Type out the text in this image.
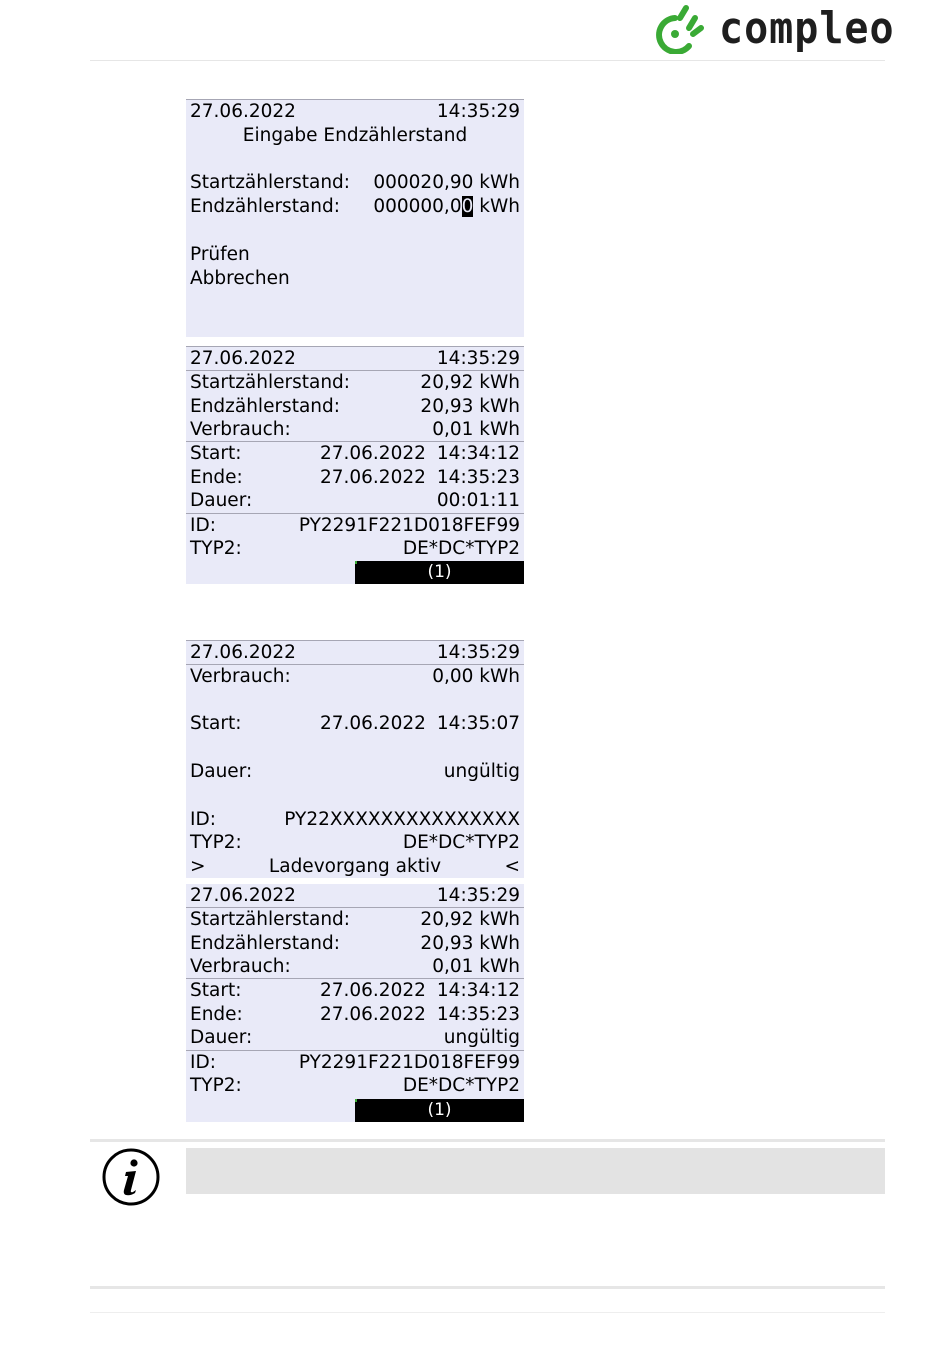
compleo
27.06.2022	14:35:29
Eingabe Endzählerstand
Startzählerstand: 000020,90 kWh
Endzählerstand: 000000,00 kWh
Prüfen
Abbrechen
27.06.2022	14:35:29
Startzählerstand:	20,92 kWh
Endzählerstand:	20,93 kWh
Verbrauch:	0,01 kWh
Start:	27.06.2022 14:34:12
Ende:	27.06.2022 14:35:23
Dauer:	00:01:11
ID:	PY2291F221D018FEF99
TYP2:	DE*DC*TYP2
(1)
27.06.2022	14:35:29
Verbrauch:	0,00 kWh
Start:	27.06.2022 14:35:07
Dauer:	ungültig
ID:	PY22XXXXXXXXXXXXXXX
TYP2:	DE*DC*TYP2
>	Ladevorgang aktiv	<
27.06.2022	14:35:29
Startzählerstand:	20,92 kWh
Endzählerstand:	20,93 kWh
Verbrauch:	0,01 kWh
Start:	27.06.2022 14:34:12
Ende:	27.06.2022 14:35:23
Dauer:	ungültig
ID:	PY2291F221D018FEF99
TYP2:	DE*DC*TYP2
(1)
